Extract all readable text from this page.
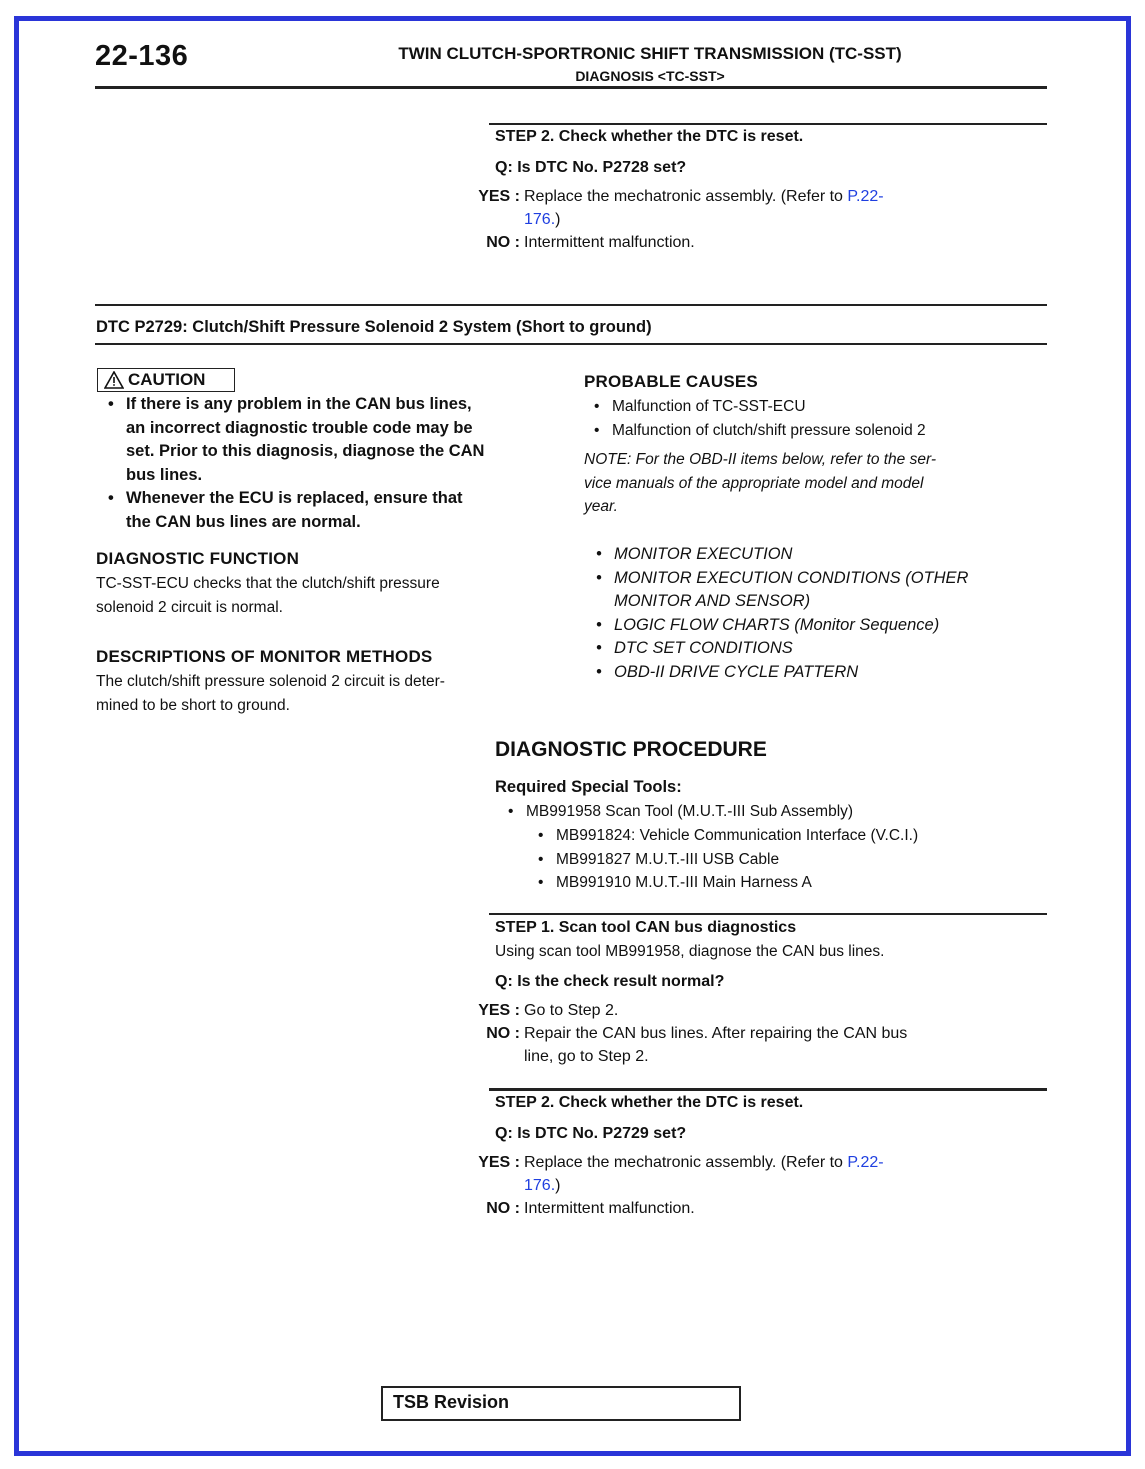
22-136	TWIN CLUTCH-SPORTRONIC SHIFT TRANSMISSION (TC-SST)
DIAGNOSIS <TC-SST>
STEP 2. Check whether the DTC is reset.
Q: Is DTC No. P2728 set?
YES : Replace the mechatronic assembly. (Refer to P.22-
176.)
NO : Intermittent malfunction.
DTC P2729: Clutch/Shift Pressure Solenoid 2 System (Short to ground)
CAUTION
• If there is any problem in the CAN bus lines,
an incorrect diagnostic trouble code may be
set. Prior to this diagnosis, diagnose the CAN
bus lines.
• Whenever the ECU is replaced, ensure that
the CAN bus lines are normal.
DIAGNOSTIC FUNCTION
TC-SST-ECU checks that the clutch/shift pressure
solenoid 2 circuit is normal.
DESCRIPTIONS OF MONITOR METHODS
The clutch/shift pressure solenoid 2 circuit is deter-
mined to be short to ground.
PROBABLE CAUSES
• Malfunction of TC-SST-ECU
• Malfunction of clutch/shift pressure solenoid 2
NOTE: For the OBD-II items below, refer to the ser-
vice manuals of the appropriate model and model
year.
• MONITOR EXECUTION
• MONITOR EXECUTION CONDITIONS (OTHER
MONITOR AND SENSOR)
• LOGIC FLOW CHARTS (Monitor Sequence)
• DTC SET CONDITIONS
• OBD-II DRIVE CYCLE PATTERN
DIAGNOSTIC PROCEDURE
Required Special Tools:
• MB991958 Scan Tool (M.U.T.-III Sub Assembly)
• MB991824: Vehicle Communication Interface (V.C.I.)
• MB991827 M.U.T.-III USB Cable
• MB991910 M.U.T.-III Main Harness A
STEP 1. Scan tool CAN bus diagnostics
Using scan tool MB991958, diagnose the CAN bus lines.
Q: Is the check result normal?
YES : Go to Step 2.
NO : Repair the CAN bus lines. After repairing the CAN bus
line, go to Step 2.
STEP 2. Check whether the DTC is reset.
Q: Is DTC No. P2729 set?
YES : Replace the mechatronic assembly. (Refer to P.22-
176.)
NO : Intermittent malfunction.
TSB Revision
